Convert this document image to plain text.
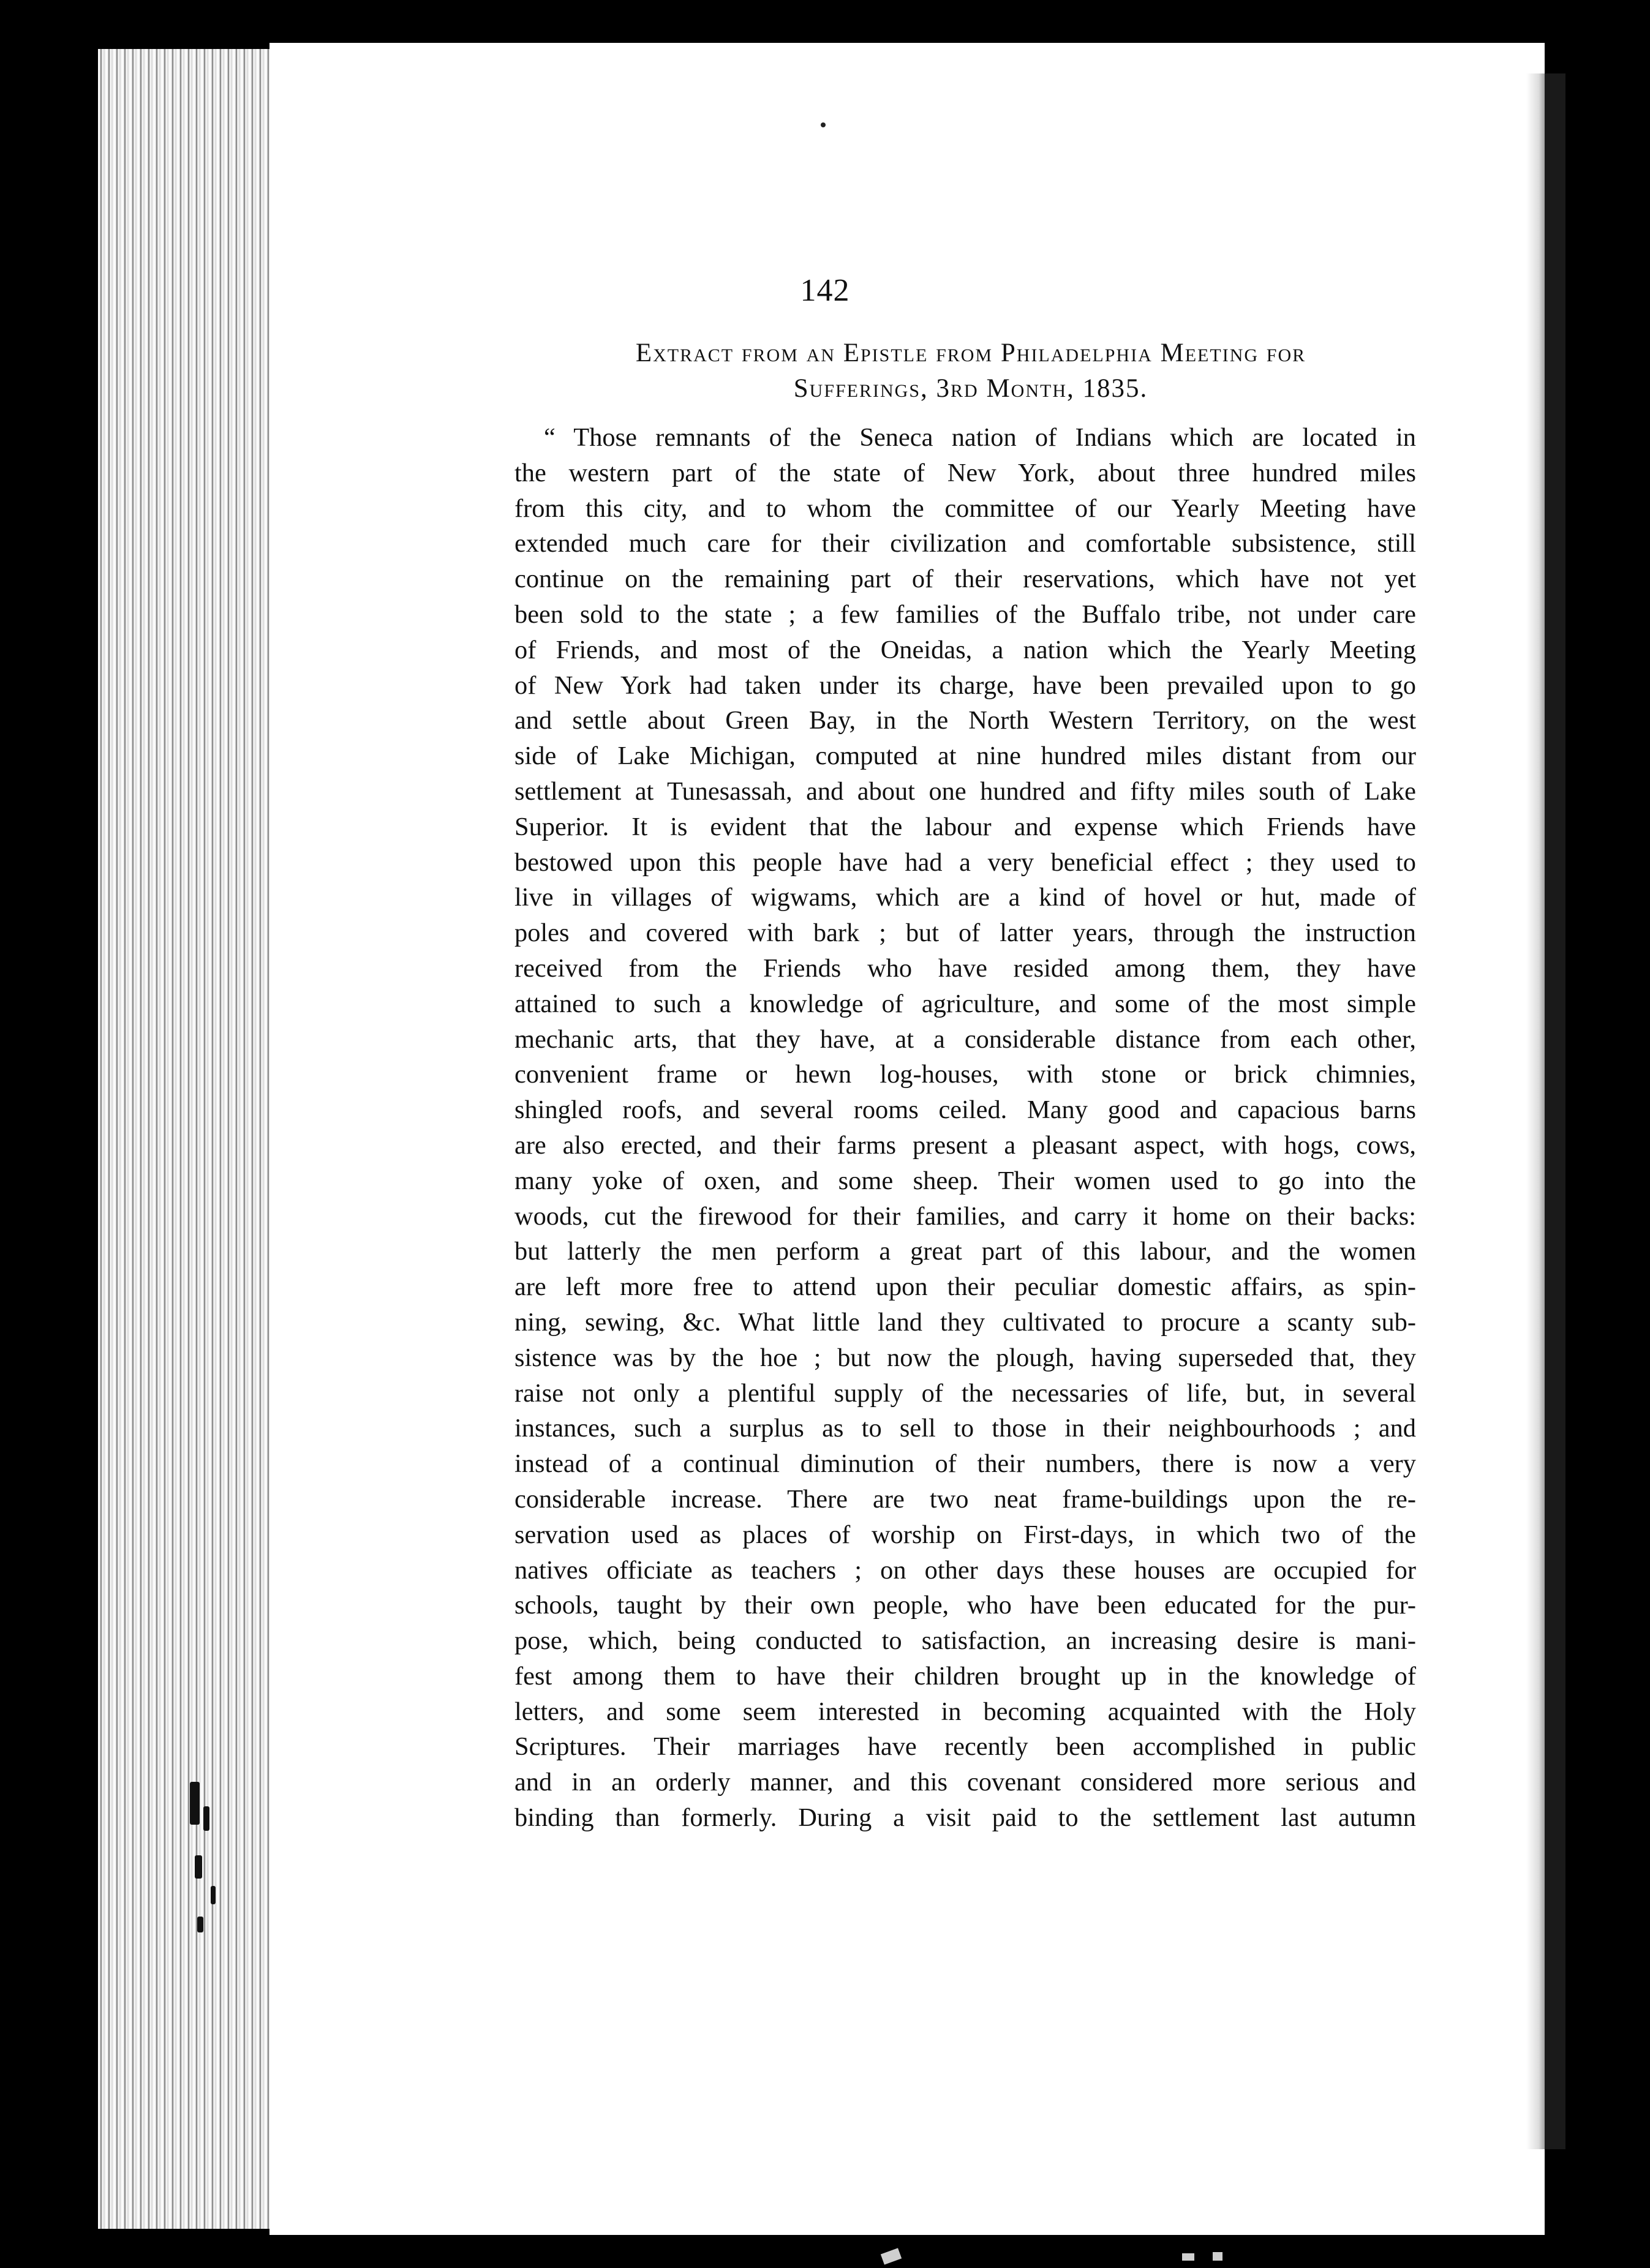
142
Extract from an Epistle from Philadelphia Meeting for
Sufferings, 3rd Month, 1835.
“ Those remnants of the Seneca nation of Indians which are located in
the western part of the state of New York, about three hundred miles
from this city, and to whom the committee of our Yearly Meeting have
extended much care for their civilization and comfortable subsistence, still
continue on the remaining part of their reservations, which have not yet
been sold to the state ; a few families of the Buffalo tribe, not under care
of Friends, and most of the Oneidas, a nation which the Yearly Meeting
of New York had taken under its charge, have been prevailed upon to go
and settle about Green Bay, in the North Western Territory, on the west
side of Lake Michigan, computed at nine hundred miles distant from our
settlement at Tunesassah, and about one hundred and fifty miles south of Lake
Superior. It is evident that the labour and expense which Friends have
bestowed upon this people have had a very beneficial effect ; they used to
live in villages of wigwams, which are a kind of hovel or hut, made of
poles and covered with bark ; but of latter years, through the instruction
received from the Friends who have resided among them, they have
attained to such a knowledge of agriculture, and some of the most simple
mechanic arts, that they have, at a considerable distance from each other,
convenient frame or hewn log-houses, with stone or brick chimnies,
shingled roofs, and several rooms ceiled. Many good and capacious barns
are also erected, and their farms present a pleasant aspect, with hogs, cows,
many yoke of oxen, and some sheep. Their women used to go into the
woods, cut the firewood for their families, and carry it home on their backs:
but latterly the men perform a great part of this labour, and the women
are left more free to attend upon their peculiar domestic affairs, as spin-
ning, sewing, &c. What little land they cultivated to procure a scanty sub-
sistence was by the hoe ; but now the plough, having superseded that, they
raise not only a plentiful supply of the necessaries of life, but, in several
instances, such a surplus as to sell to those in their neighbourhoods ; and
instead of a continual diminution of their numbers, there is now a very
considerable increase. There are two neat frame-buildings upon the re-
servation used as places of worship on First-days, in which two of the
natives officiate as teachers ; on other days these houses are occupied for
schools, taught by their own people, who have been educated for the pur-
pose, which, being conducted to satisfaction, an increasing desire is mani-
fest among them to have their children brought up in the knowledge of
letters, and some seem interested in becoming acquainted with the Holy
Scriptures. Their marriages have recently been accomplished in public
and in an orderly manner, and this covenant considered more serious and
binding than formerly. During a visit paid to the settlement last autumn
